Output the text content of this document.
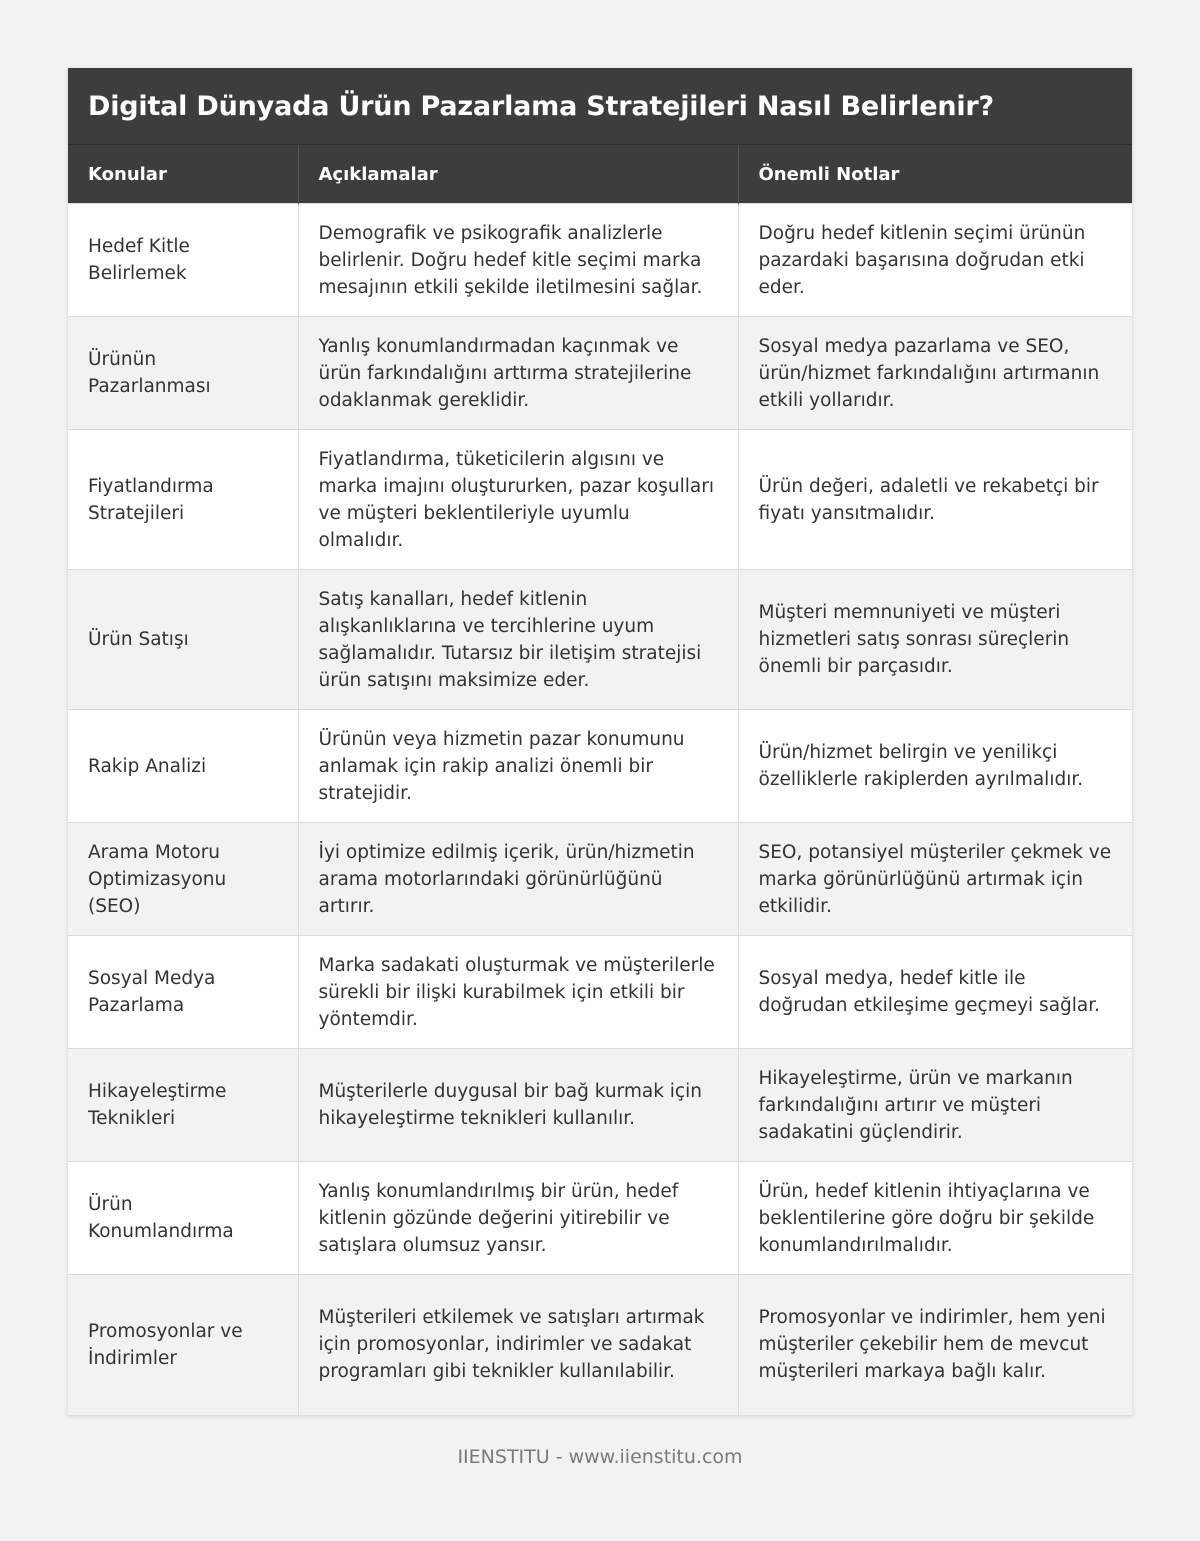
Digital Dünyada Ürün Pazarlama Stratejileri Nasıl Belirlenir?
Konular	Açıklamalar	Önemli Notlar
Hedef Kitle Belirlemek	Demografik ve psikografik analizlerle belirlenir. Doğru hedef kitle seçimi marka mesajının etkili şekilde iletilmesini sağlar.	Doğru hedef kitlenin seçimi ürünün pazardaki başarısına doğrudan etki eder.
Ürünün Pazarlanması	Yanlış konumlandırmadan kaçınmak ve ürün farkındalığını arttırma stratejilerine odaklanmak gereklidir.	Sosyal medya pazarlama ve SEO, ürün/hizmet farkındalığını artırmanın etkili yollarıdır.
Fiyatlandırma Stratejileri	Fiyatlandırma, tüketicilerin algısını ve marka imajını oluştururken, pazar koşulları ve müşteri beklentileriyle uyumlu olmalıdır.	Ürün değeri, adaletli ve rekabetçi bir fiyatı yansıtmalıdır.
Ürün Satışı	Satış kanalları, hedef kitlenin alışkanlıklarına ve tercihlerine uyum sağlamalıdır. Tutarsız bir iletişim stratejisi ürün satışını maksimize eder.	Müşteri memnuniyeti ve müşteri hizmetleri satış sonrası süreçlerin önemli bir parçasıdır.
Rakip Analizi	Ürünün veya hizmetin pazar konumunu anlamak için rakip analizi önemli bir stratejidir.	Ürün/hizmet belirgin ve yenilikçi özelliklerle rakiplerden ayrılmalıdır.
Arama Motoru Optimizasyonu (SEO)	İyi optimize edilmiş içerik, ürün/hizmetin arama motorlarındaki görünürlüğünü artırır.	SEO, potansiyel müşteriler çekmek ve marka görünürlüğünü artırmak için etkilidir.
Sosyal Medya Pazarlama	Marka sadakati oluşturmak ve müşterilerle sürekli bir ilişki kurabilmek için etkili bir yöntemdir.	Sosyal medya, hedef kitle ile doğrudan etkileşime geçmeyi sağlar.
Hikayeleştirme Teknikleri	Müşterilerle duygusal bir bağ kurmak için hikayeleştirme teknikleri kullanılır.	Hikayeleştirme, ürün ve markanın farkındalığını artırır ve müşteri sadakatini güçlendirir.
Ürün Konumlandırma	Yanlış konumlandırılmış bir ürün, hedef kitlenin gözünde değerini yitirebilir ve satışlara olumsuz yansır.	Ürün, hedef kitlenin ihtiyaçlarına ve beklentilerine göre doğru bir şekilde konumlandırılmalıdır.
Promosyonlar ve İndirimler	Müşterileri etkilemek ve satışları artırmak için promosyonlar, indirimler ve sadakat programları gibi teknikler kullanılabilir.	Promosyonlar ve indirimler, hem yeni müşteriler çekebilir hem de mevcut müşterileri markaya bağlı kalır.
IIENSTITU - www.iienstitu.com
